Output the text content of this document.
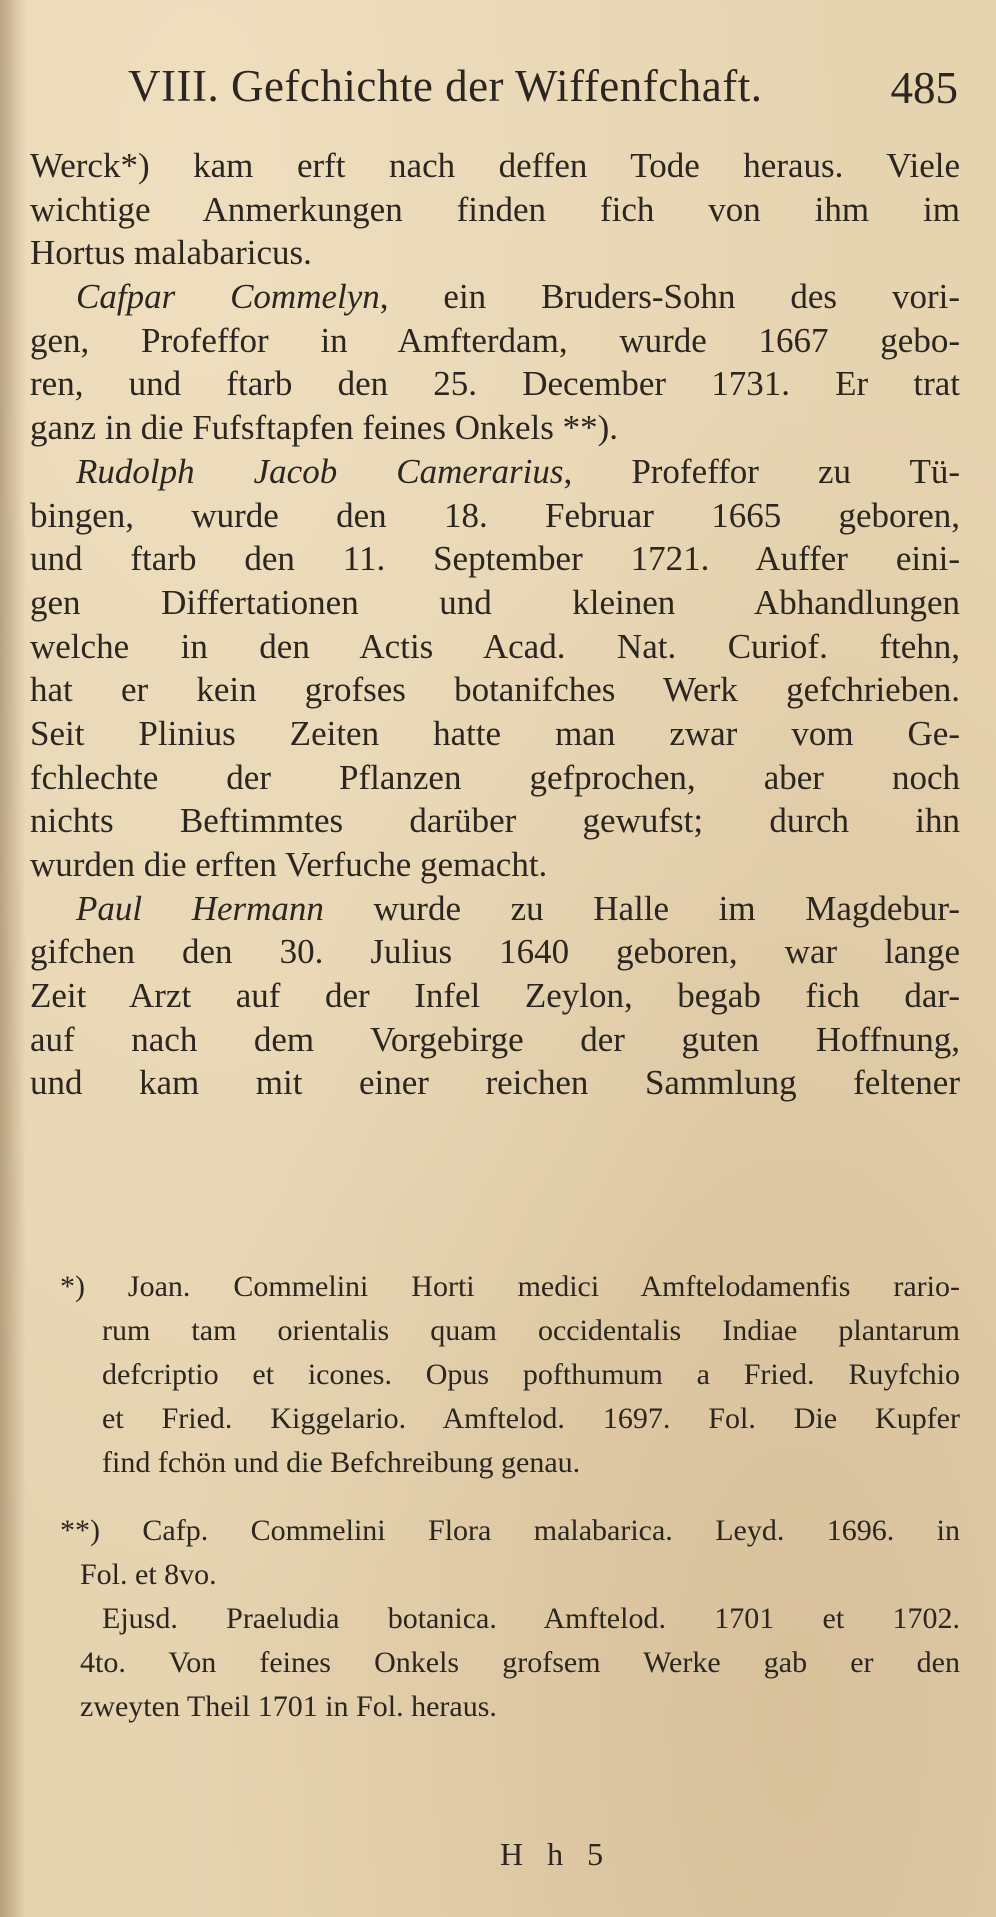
VIII. Gefchichte der Wiffenfchaft.	485
Werck*) kam erft nach deffen Tode heraus. Viele
wichtige Anmerkungen finden fich von ihm im
Hortus malabaricus.
Cafpar Commelyn, ein Bruders-Sohn des vori-
gen, Profeffor in Amfterdam, wurde 1667 gebo-
ren, und ftarb den 25. December 1731. Er trat
ganz in die Fufsftapfen feines Onkels **).
Rudolph Jacob Camerarius, Profeffor zu Tü-
bingen, wurde den 18. Februar 1665 geboren,
und ftarb den 11. September 1721. Auffer eini-
gen Differtationen und kleinen Abhandlungen
welche in den Actis Acad. Nat. Curiof. ftehn,
hat er kein grofses botanifches Werk gefchrieben.
Seit Plinius Zeiten hatte man zwar vom Ge-
fchlechte der Pflanzen gefprochen, aber noch
nichts Beftimmtes darüber gewufst; durch ihn
wurden die erften Verfuche gemacht.
Paul Hermann wurde zu Halle im Magdebur-
gifchen den 30. Julius 1640 geboren, war lange
Zeit Arzt auf der Infel Zeylon, begab fich dar-
auf nach dem Vorgebirge der guten Hoffnung,
und kam mit einer reichen Sammlung feltener
*) Joan. Commelini Horti medici Amftelodamenfis rario-
rum tam orientalis quam occidentalis Indiae plantarum
defcriptio et icones. Opus pofthumum a Fried. Ruyfchio
et Fried. Kiggelario. Amftelod. 1697. Fol. Die Kupfer
find fchön und die Befchreibung genau.
**) Cafp. Commelini Flora malabarica. Leyd. 1696. in
Fol. et 8vo.
Ejusd. Praeludia botanica. Amftelod. 1701 et 1702.
4to. Von feines Onkels grofsem Werke gab er den
zweyten Theil 1701 in Fol. heraus.
H h 5
